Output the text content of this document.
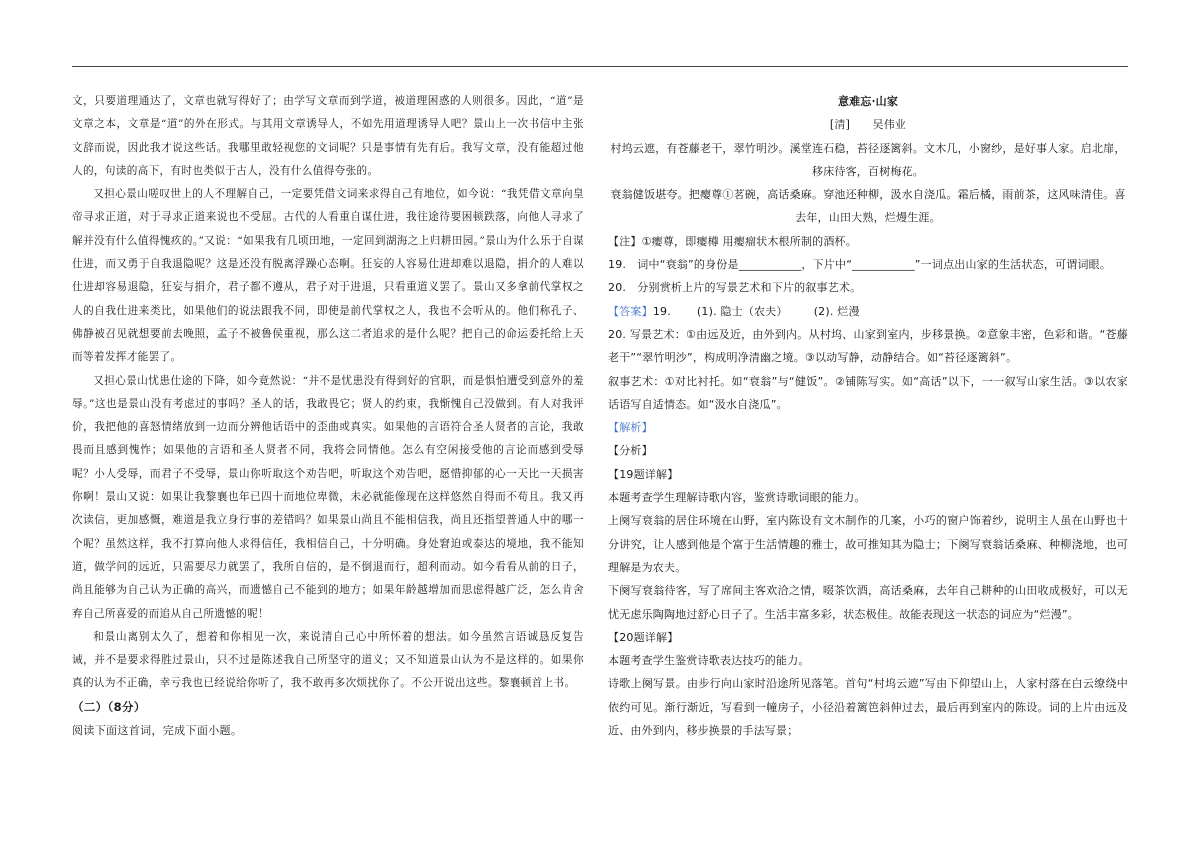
文，只要道理通达了，文章也就写得好了；由学写文章而到学道，被道理困惑的人则很多。因此，“道”是文章之本，文章是“道”的外在形式。与其用文章诱导人，不如先用道理诱导人吧？景山上一次书信中主张文辞而说，因此我才说这些话。我哪里敢轻视您的文词呢？只是事情有先有后。我写文章，没有能超过他人的，句读的高下，有时也类似于古人，没有什么值得夸张的。

又担心景山嗟叹世上的人不理解自己，一定要凭借文词来求得自己有地位，如今说：“我凭借文章向皇帝寻求正道，对于寻求正道来说也不受屈。古代的人看重自谋仕进，我往途待要困顿跌落，向他人寻求了解并没有什么值得愧疚的。”又说：“如果我有几顷田地，一定回到湖海之上归耕田园。”景山为什么乐于自谋仕进，而又勇于自我退隐呢？这是还没有脱离浮躁心态啊。狂妄的人容易仕进却难以退隐，捐介的人难以仕进却容易退隐，狂妄与捐介，君子都不遵从，君子对于进退，只看重道义罢了。景山又多拿前代掌权之人的自我仕进来类比，如果他们的说法跟我不同，即使是前代掌权之人，我也不会听从的。他们称孔子、佛静被召见就想要前去晚照，孟子不被鲁侯重视，那么这二者追求的是什么呢？把自己的命运委托给上天而等着发挥才能罢了。

又担心景山忧患仕途的下降，如今竟然说：“并不是忧患没有得到好的官职，而是惧怕遭受到意外的羞辱。”这也是景山没有考虑过的事吗？圣人的话，我敢畏它；贤人的约束，我惭愧自己没做到。有人对我评价，我把他的喜怒情绪放到一边而分辨他话语中的歪曲或真实。如果他的言语符合圣人贤者的言论，我敢畏而且感到愧怍；如果他的言语和圣人贤者不同，我将会同情他。怎么有空闲接受他的言论而感到受辱呢？小人受辱，而君子不受辱，景山你听取这个劝告吧，听取这个劝告吧，愿惜抑郁的心一天比一天损害你啊！景山又说：如果让我黎襄也年已四十而地位卑微，未必就能像现在这样悠然自得而不苟且。我又再次读信，更加感慨，难道是我立身行事的差错吗？如果景山尚且不能相信我，尚且还指望普通人中的哪一个呢？虽然这样，我不打算向他人求得信任，我相信自己，十分明确。身处窘迫或泰达的境地，我不能知道，做学问的远近，只需要尽力就罢了，我所自信的，是不倒退而行，超利而动。如今看看从前的日子，尚且能够为自己认为正确的高兴，而遗憾自己不能到的地方；如果年龄越增加而思虑得越广泛，怎么肯舍弃自己所喜爱的而追从自己所遗憾的呢！

和景山离别太久了，想着和你相见一次，来说清自己心中所怀着的想法。如今虽然言语诚恳反复告诫，并不是要求得胜过景山，只不过是陈述我自己所坚守的道义；又不知道景山认为不是这样的。如果你真的认为不正确，幸亏我也已经说给你听了，我不敢再多次烦扰你了。不公开说出这些。黎襄顿首上书。

（二）（8分）

阅读下面这首词，完成下面小题。

意难忘·山家

[清]　　吴伟业

村坞云遮，有苍藤老干，翠竹明沙。溪堂连石稳，苔径逐篱斜。文木几，小窗纱，是好事人家。启北扉，

移床待客，百树梅花。

衰翁健饭堪夸。把瘿尊①茗碗，高话桑麻。穿池还种柳，汲水自浇瓜。霜后橘，雨前茶，这风味清佳。喜

去年，山田大熟，烂熳生涯。

【注】①瘿尊，即瘿樽 用瘿瘤状木根所制的酒杯。

19.　词中“衰翁”的身份是___________，下片中“___________”一词点出山家的生活状态，可谓词眼。

20.　分别赏析上片的写景艺术和下片的叙事艺术。

【答案】19. (1). 隐士（农夫） (2). 烂漫

20. 写景艺术：①由远及近，由外到内。从村坞、山家到室内，步移景换。②意象丰密，色彩和谐。“苍藤老干”“翠竹明沙”，构成明净清幽之境。③以动写静，动静结合。如“苔径逐篱斜”。

叙事艺术：①对比衬托。如“衰翁”与“健饭”。②铺陈写实。如“高话”以下，一一叙写山家生活。③以农家话语写自适情态。如“汲水自浇瓜”。

【解析】

【分析】

【19题详解】

本题考查学生理解诗歌内容，鉴赏诗歌词眼的能力。

上阕写衰翁的居住环境在山野，室内陈设有文木制作的几案，小巧的窗户饰着纱，说明主人虽在山野也十分讲究，让人感到他是个富于生活情趣的雅士，故可推知其为隐士；下阕写衰翁话桑麻、种柳浇地，也可理解是为农夫。

下阕写衰翁待客，写了席间主客欢洽之情，啜茶饮酒，高话桑麻，去年自己耕种的山田收成极好，可以无忧无虑乐陶陶地过舒心日子了。生活丰富多彩，状态极佳。故能表现这一状态的词应为“烂漫”。

【20题详解】

本题考查学生鉴赏诗歌表达技巧的能力。

诗歌上阕写景。由步行向山家时沿途所见落笔。首句“村坞云遮”写由下仰望山上，人家村落在白云缭绕中依约可见。渐行渐近，写看到一幢房子，小径沿着篱笆斜伸过去，最后再到室内的陈设。词的上片由远及近、由外到内，移步换景的手法写景；
